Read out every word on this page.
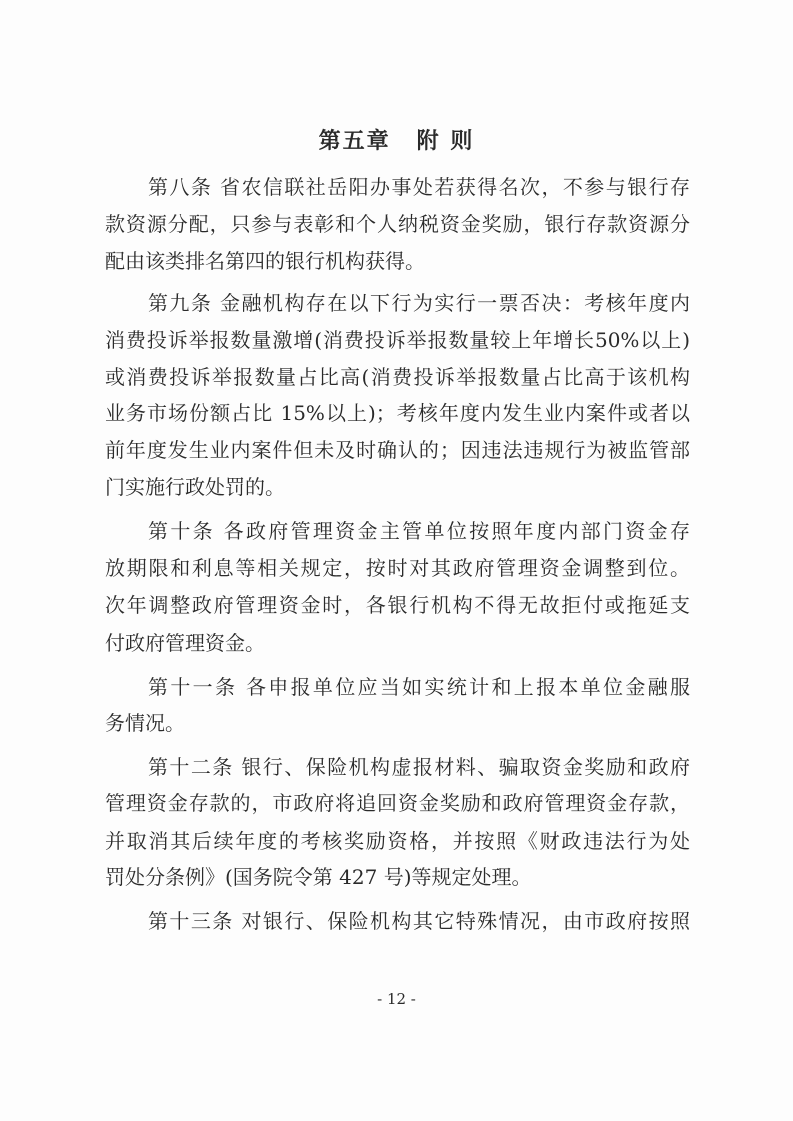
第五章 附 则
第八条 省农信联社岳阳办事处若获得名次，不参与银行存
款资源分配，只参与表彰和个人纳税资金奖励，银行存款资源分
配由该类排名第四的银行机构获得。
第九条 金融机构存在以下行为实行一票否决：考核年度内
消费投诉举报数量激增(消费投诉举报数量较上年增长50%以上)
或消费投诉举报数量占比高(消费投诉举报数量占比高于该机构
业务市场份额占比 15%以上)；考核年度内发生业内案件或者以
前年度发生业内案件但未及时确认的；因违法违规行为被监管部
门实施行政处罚的。
第十条 各政府管理资金主管单位按照年度内部门资金存
放期限和利息等相关规定，按时对其政府管理资金调整到位。
次年调整政府管理资金时，各银行机构不得无故拒付或拖延支
付政府管理资金。
第十一条 各申报单位应当如实统计和上报本单位金融服
务情况。
第十二条 银行、保险机构虚报材料、骗取资金奖励和政府
管理资金存款的，市政府将追回资金奖励和政府管理资金存款，
并取消其后续年度的考核奖励资格，并按照《财政违法行为处
罚处分条例》(国务院令第 427 号)等规定处理。
第十三条 对银行、保险机构其它特殊情况，由市政府按照
- 12 -
